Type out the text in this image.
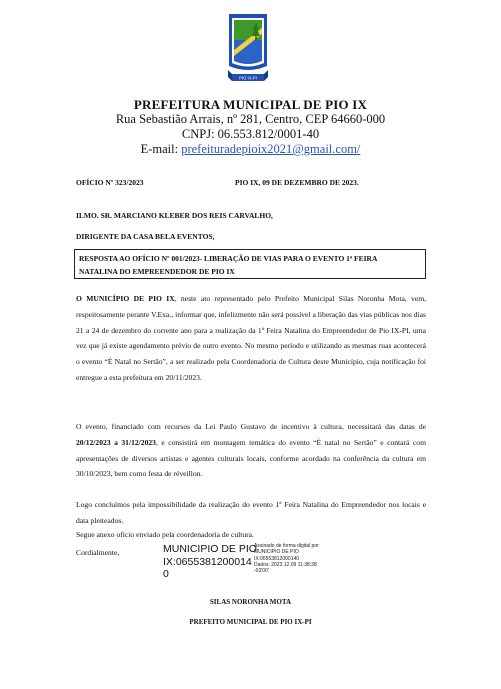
PIO IX-PI
PREFEITURA MUNICIPAL DE PIO IX
Rua Sebastião Arrais, nº 281, Centro, CEP 64660-000
CNPJ: 06.553.812/0001-40
E-mail: prefeituradepioix2021@gmail.com/
OFÍCIO Nº 323/2023	PIO IX, 09 DE DEZEMBRO DE 2023.
ILMO. SR. MARCIANO KLEBER DOS REIS CARVALHO,
DIRIGENTE DA CASA BELA EVENTOS,
RESPOSTA AO OFÍCIO Nº 001/2023- LIBERAÇÃO DE VIAS PARA O EVENTO 1ª FEIRA
NATALINA DO EMPREENDEDOR DE PIO IX

O MUNICÍPIO DE PIO IX, neste ato representado pelo Prefeito Municipal Silas Noronha Mota, vem, respeitosamente perante V.Exa., informar que, infelizmente não será possível a liberação das vias públicas nos dias 21 a 24 de dezembro do corrente ano para a realização da 1ª Feira Natalina do Empreendedor de Pio IX-PI, uma vez que já existe agendamento prévio de outro evento. No mesmo período e utilizando as mesmas ruas acontecerá o evento “É Natal no Sertão”, a ser realizado pela Coordenadoria de Cultura deste Município, cuja notificação foi entregue a esta prefeitura em 20/11/2023.

O evento, financiado com recursos da Lei Paulo Gustavo de incentivo à cultura, necessitará das datas de 20/12/2023 a 31/12/2023, e consistirá em montagem temática do evento “É natal no Sertão” e contará com apresentações de diversos artistas e agentes culturais locais, conforme acordado na conferência da cultura em 30/10/2023, bem como festa de réveillon.

Logo concluímos pela impossibilidade da realização do evento 1ª Feira Natalina do Empreendedor nos locais e data pleiteados.

Segue anexo ofício enviado pela coordenadoria de cultura.
Cordialmente,	MUNICIPIO DE PIO
IX:0655381200014
0
Assinado de forma digital por
MUNICIPIO DE PIO
IX:06553812000140
Dados: 2023.12.09 11:38:38
-03'00'
SILAS NORONHA MOTA
PREFEITO MUNICIPAL DE PIO IX-PI
